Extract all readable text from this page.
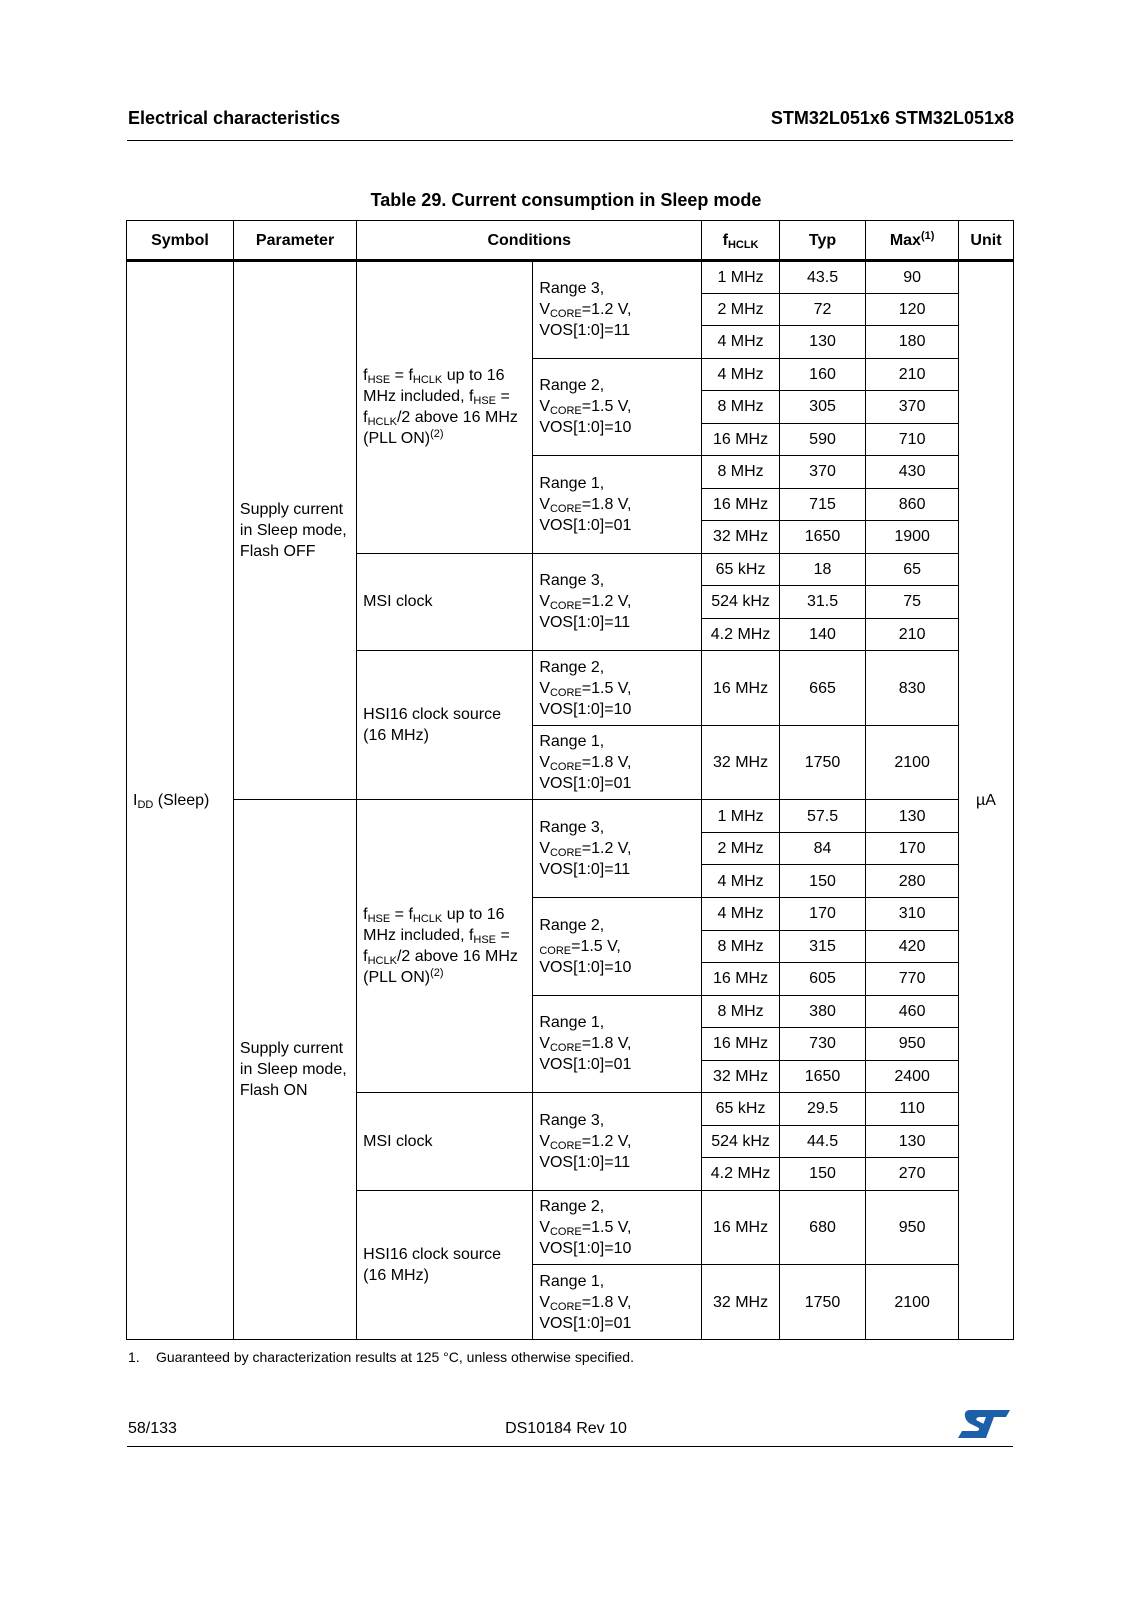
Electrical characteristics	STM32L051x6 STM32L051x8
Table 29. Current consumption in Sleep mode
Symbol	Parameter	Conditions		$f_{HCLK}$	Typ	Max$^{(1)}$	Unit
$I_{DD}$ (Sleep)	Supply current in Sleep mode, Flash OFF	$f_{HSE} = f_{HCLK}$ up to 16 MHz included, $f_{HSE} = f_{HCLK}/2$ above 16 MHz (PLL ON)$^{(2)}$	Range 3,
$V_{CORE}=1.2$ V,
VOS[1:0]=11	1 MHz	43.5	90	µA
				2 MHz	72	120	
				4 MHz	130	180	

			Range 2,
$V_{CORE}=1.5$ V,
VOS[1:0]=10	4 MHz	160	210	
				8 MHz	305	370	
				16 MHz	590	710	

			Range 1,
$V_{CORE}=1.8$ V,
VOS[1:0]=01	8 MHz	370	430	
				16 MHz	715	860	
				32 MHz	1650	1900	
		MSI clock	Range 3,
$V_{CORE}=1.2$ V,
VOS[1:0]=11	65 kHz	18	65	
				524 kHz	31.5	75	
				4.2 MHz	140	210	
		HSI16 clock source (16 MHz)	Range 2,
$V_{CORE}=1.5$ V,
VOS[1:0]=10	16 MHz	665	830	

			Range 1,
$V_{CORE}=1.8$ V,
VOS[1:0]=01	32 MHz	1750	2100	
	Supply current in Sleep mode, Flash ON	$f_{HSE} = f_{HCLK}$ up to 16 MHz included, $f_{HSE} = f_{HCLK}/2$ above 16 MHz (PLL ON)$^{(2)}$	Range 3,
$V_{CORE}=1.2$ V,
VOS[1:0]=11	1 MHz	57.5	130	
				2 MHz	84	170	
				4 MHz	150	280	

			Range 2,
$_{CORE}$=1.5 V,
VOS[1:0]=10	4 MHz	170	310	
				8 MHz	315	420	
				16 MHz	605	770	

			Range 1,
$V_{CORE}=1.8$ V,
VOS[1:0]=01	8 MHz	380	460	
				16 MHz	730	950	
				32 MHz	1650	2400	
		MSI clock	Range 3,
$V_{CORE}=1.2$ V,
VOS[1:0]=11	65 kHz	29.5	110	
				524 kHz	44.5	130	
				4.2 MHz	150	270	
		HSI16 clock source (16 MHz)	Range 2,
$V_{CORE}=1.5$ V,
VOS[1:0]=10	16 MHz	680	950	

			Range 1,
$V_{CORE}=1.8$ V,
VOS[1:0]=01	32 MHz	1750	2100	
1. Guaranteed by characterization results at 125 °C, unless otherwise specified.
58/133	DS10184 Rev 10
